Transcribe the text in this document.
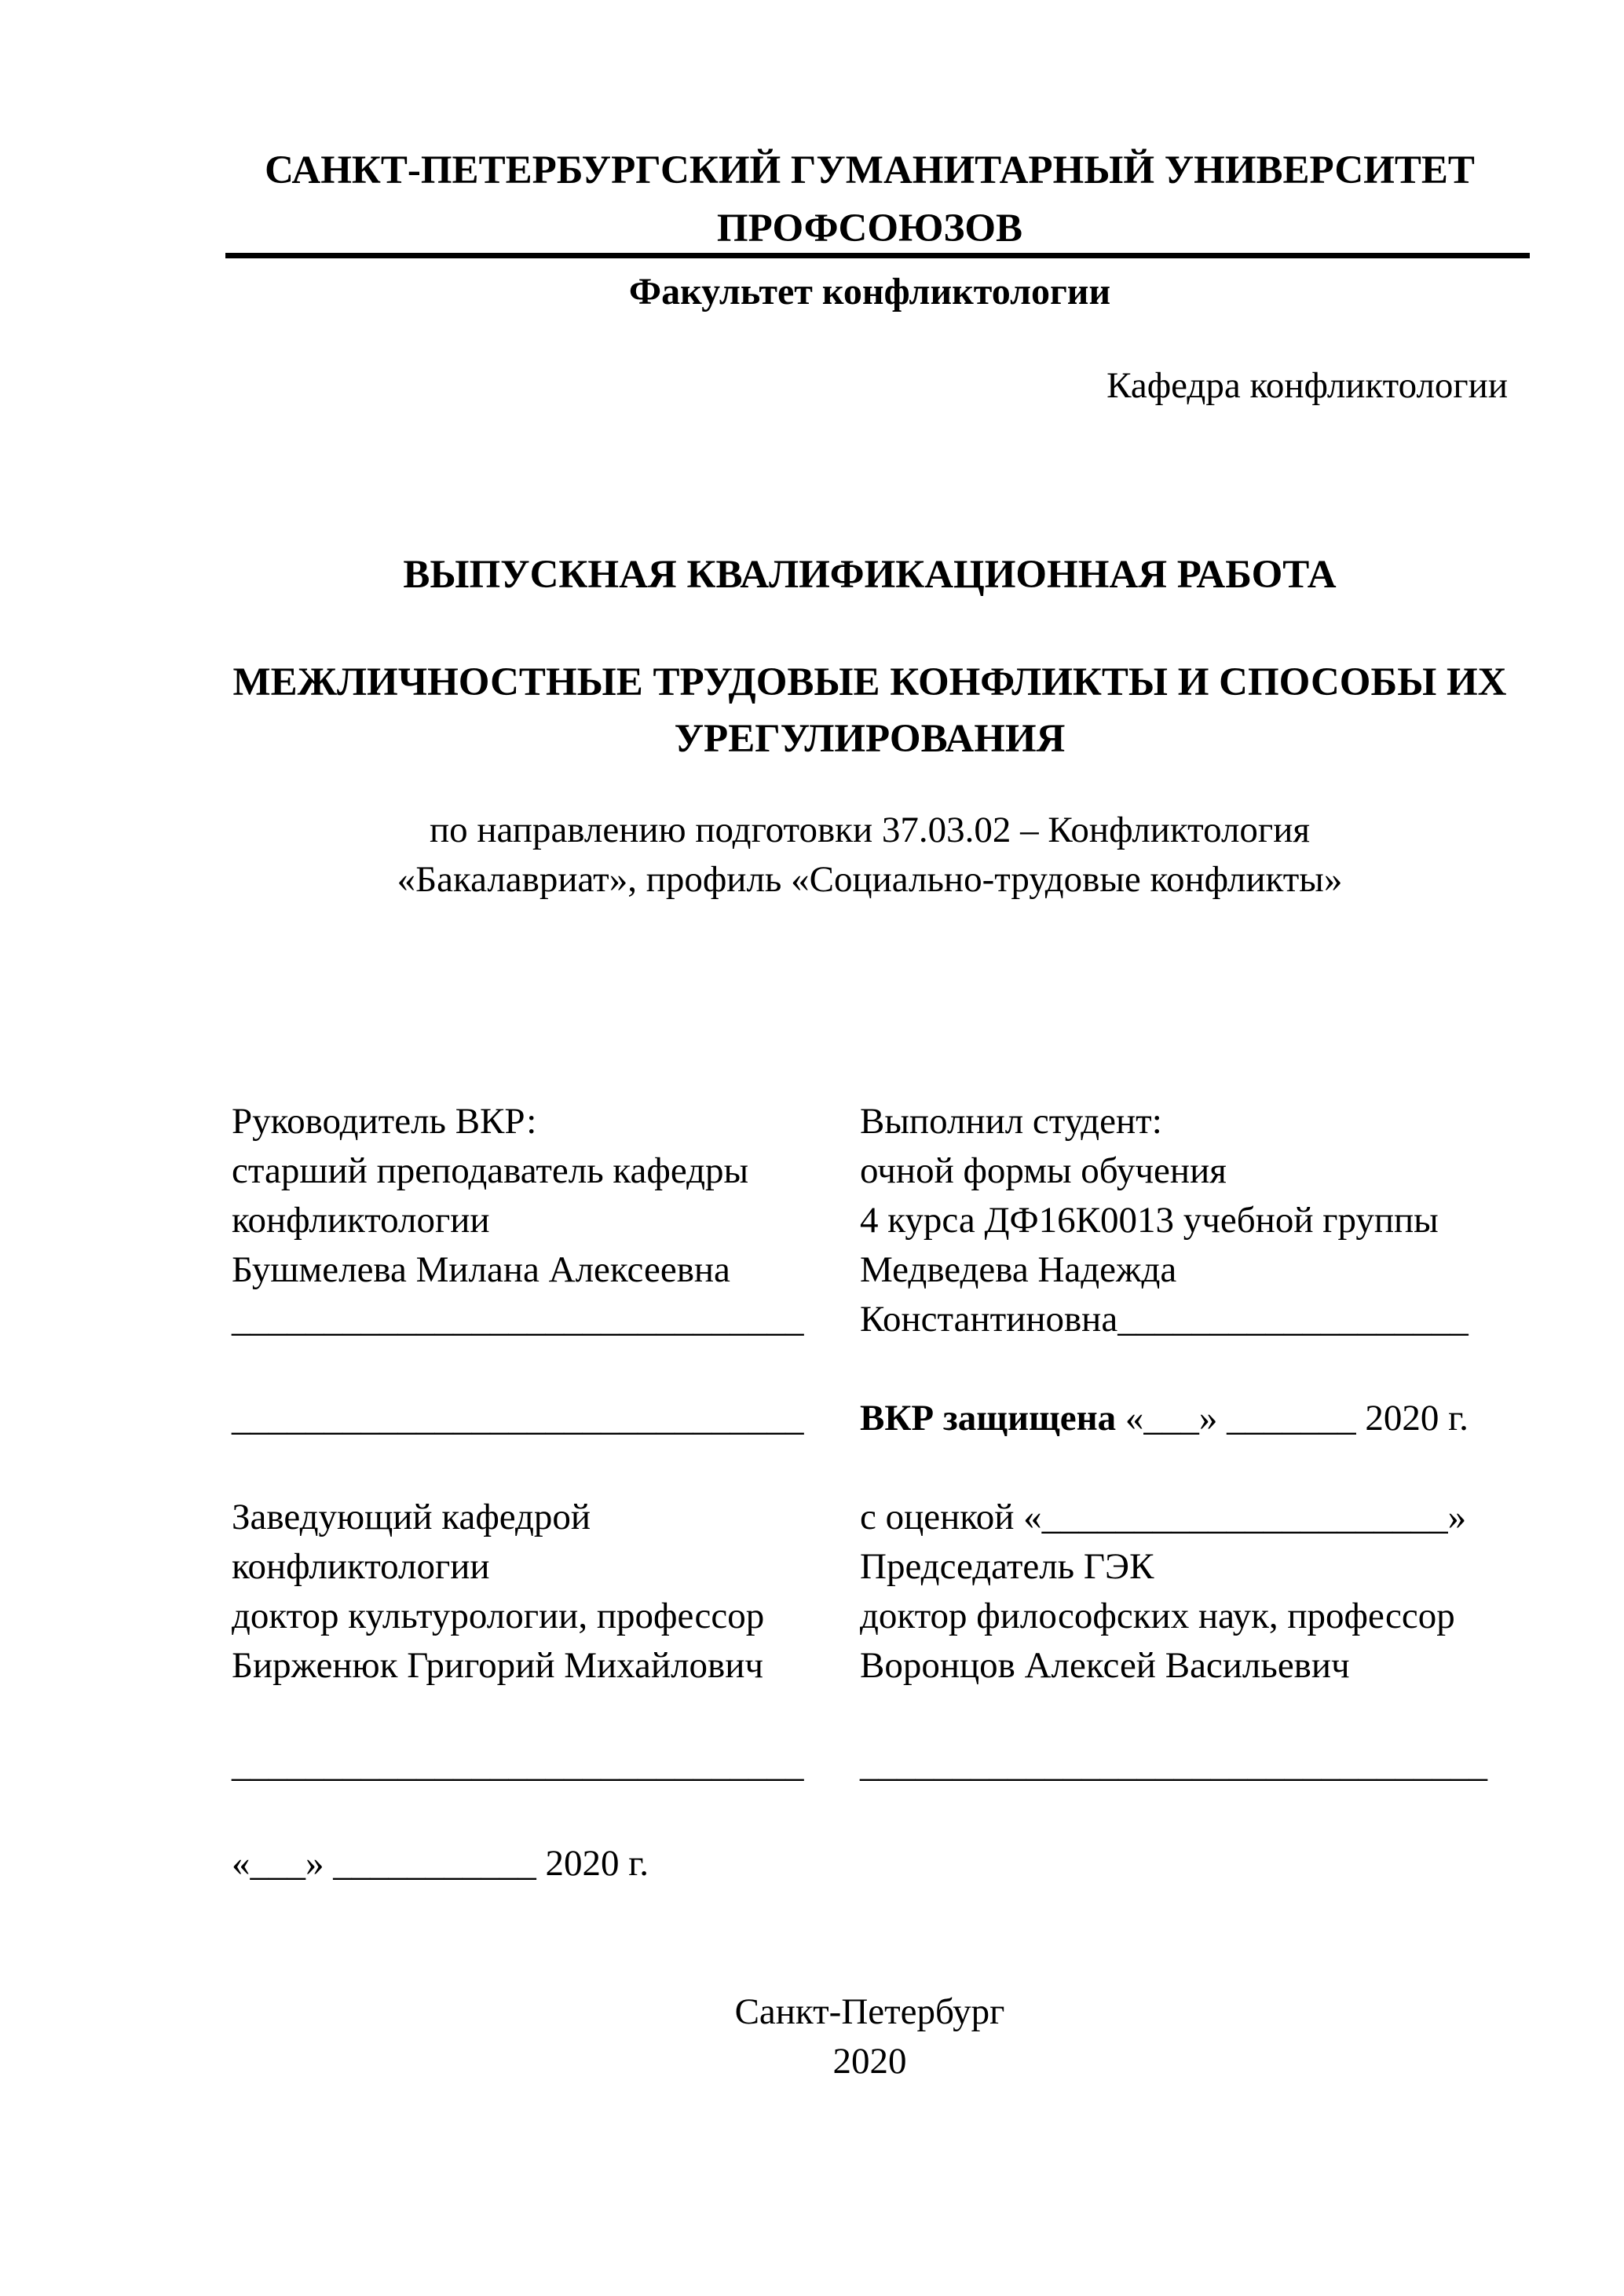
САНКТ-ПЕТЕРБУРГСКИЙ ГУМАНИТАРНЫЙ УНИВЕРСИТЕТ
ПРОФСОЮЗОВ
Факультет конфликтологии
Кафедра конфликтологии
ВЫПУСКНАЯ КВАЛИФИКАЦИОННАЯ РАБОТА
МЕЖЛИЧНОСТНЫЕ ТРУДОВЫЕ КОНФЛИКТЫ И СПОСОБЫ ИХ
УРЕГУЛИРОВАНИЯ
по направлению подготовки 37.03.02 – Конфликтология
«Бакалавриат», профиль «Социально-трудовые конфликты»
Руководитель ВКР:
старший преподаватель кафедры
конфликтологии
Бушмелева Милана Алексеевна
_______________________________
_______________________________
Заведующий кафедрой
конфликтологии
доктор культурологии, профессор
Бирженюк Григорий Михайлович
_______________________________
«___» ___________ 2020 г.
Выполнил студент:
очной формы обучения
4 курса ДФ16К0013 учебной группы
Медведева Надежда
Константиновна___________________
ВКР защищена «___» _______ 2020 г.
с оценкой «______________________»
Председатель ГЭК
доктор философских наук, профессор
Воронцов Алексей Васильевич
__________________________________
Санкт-Петербург
2020
